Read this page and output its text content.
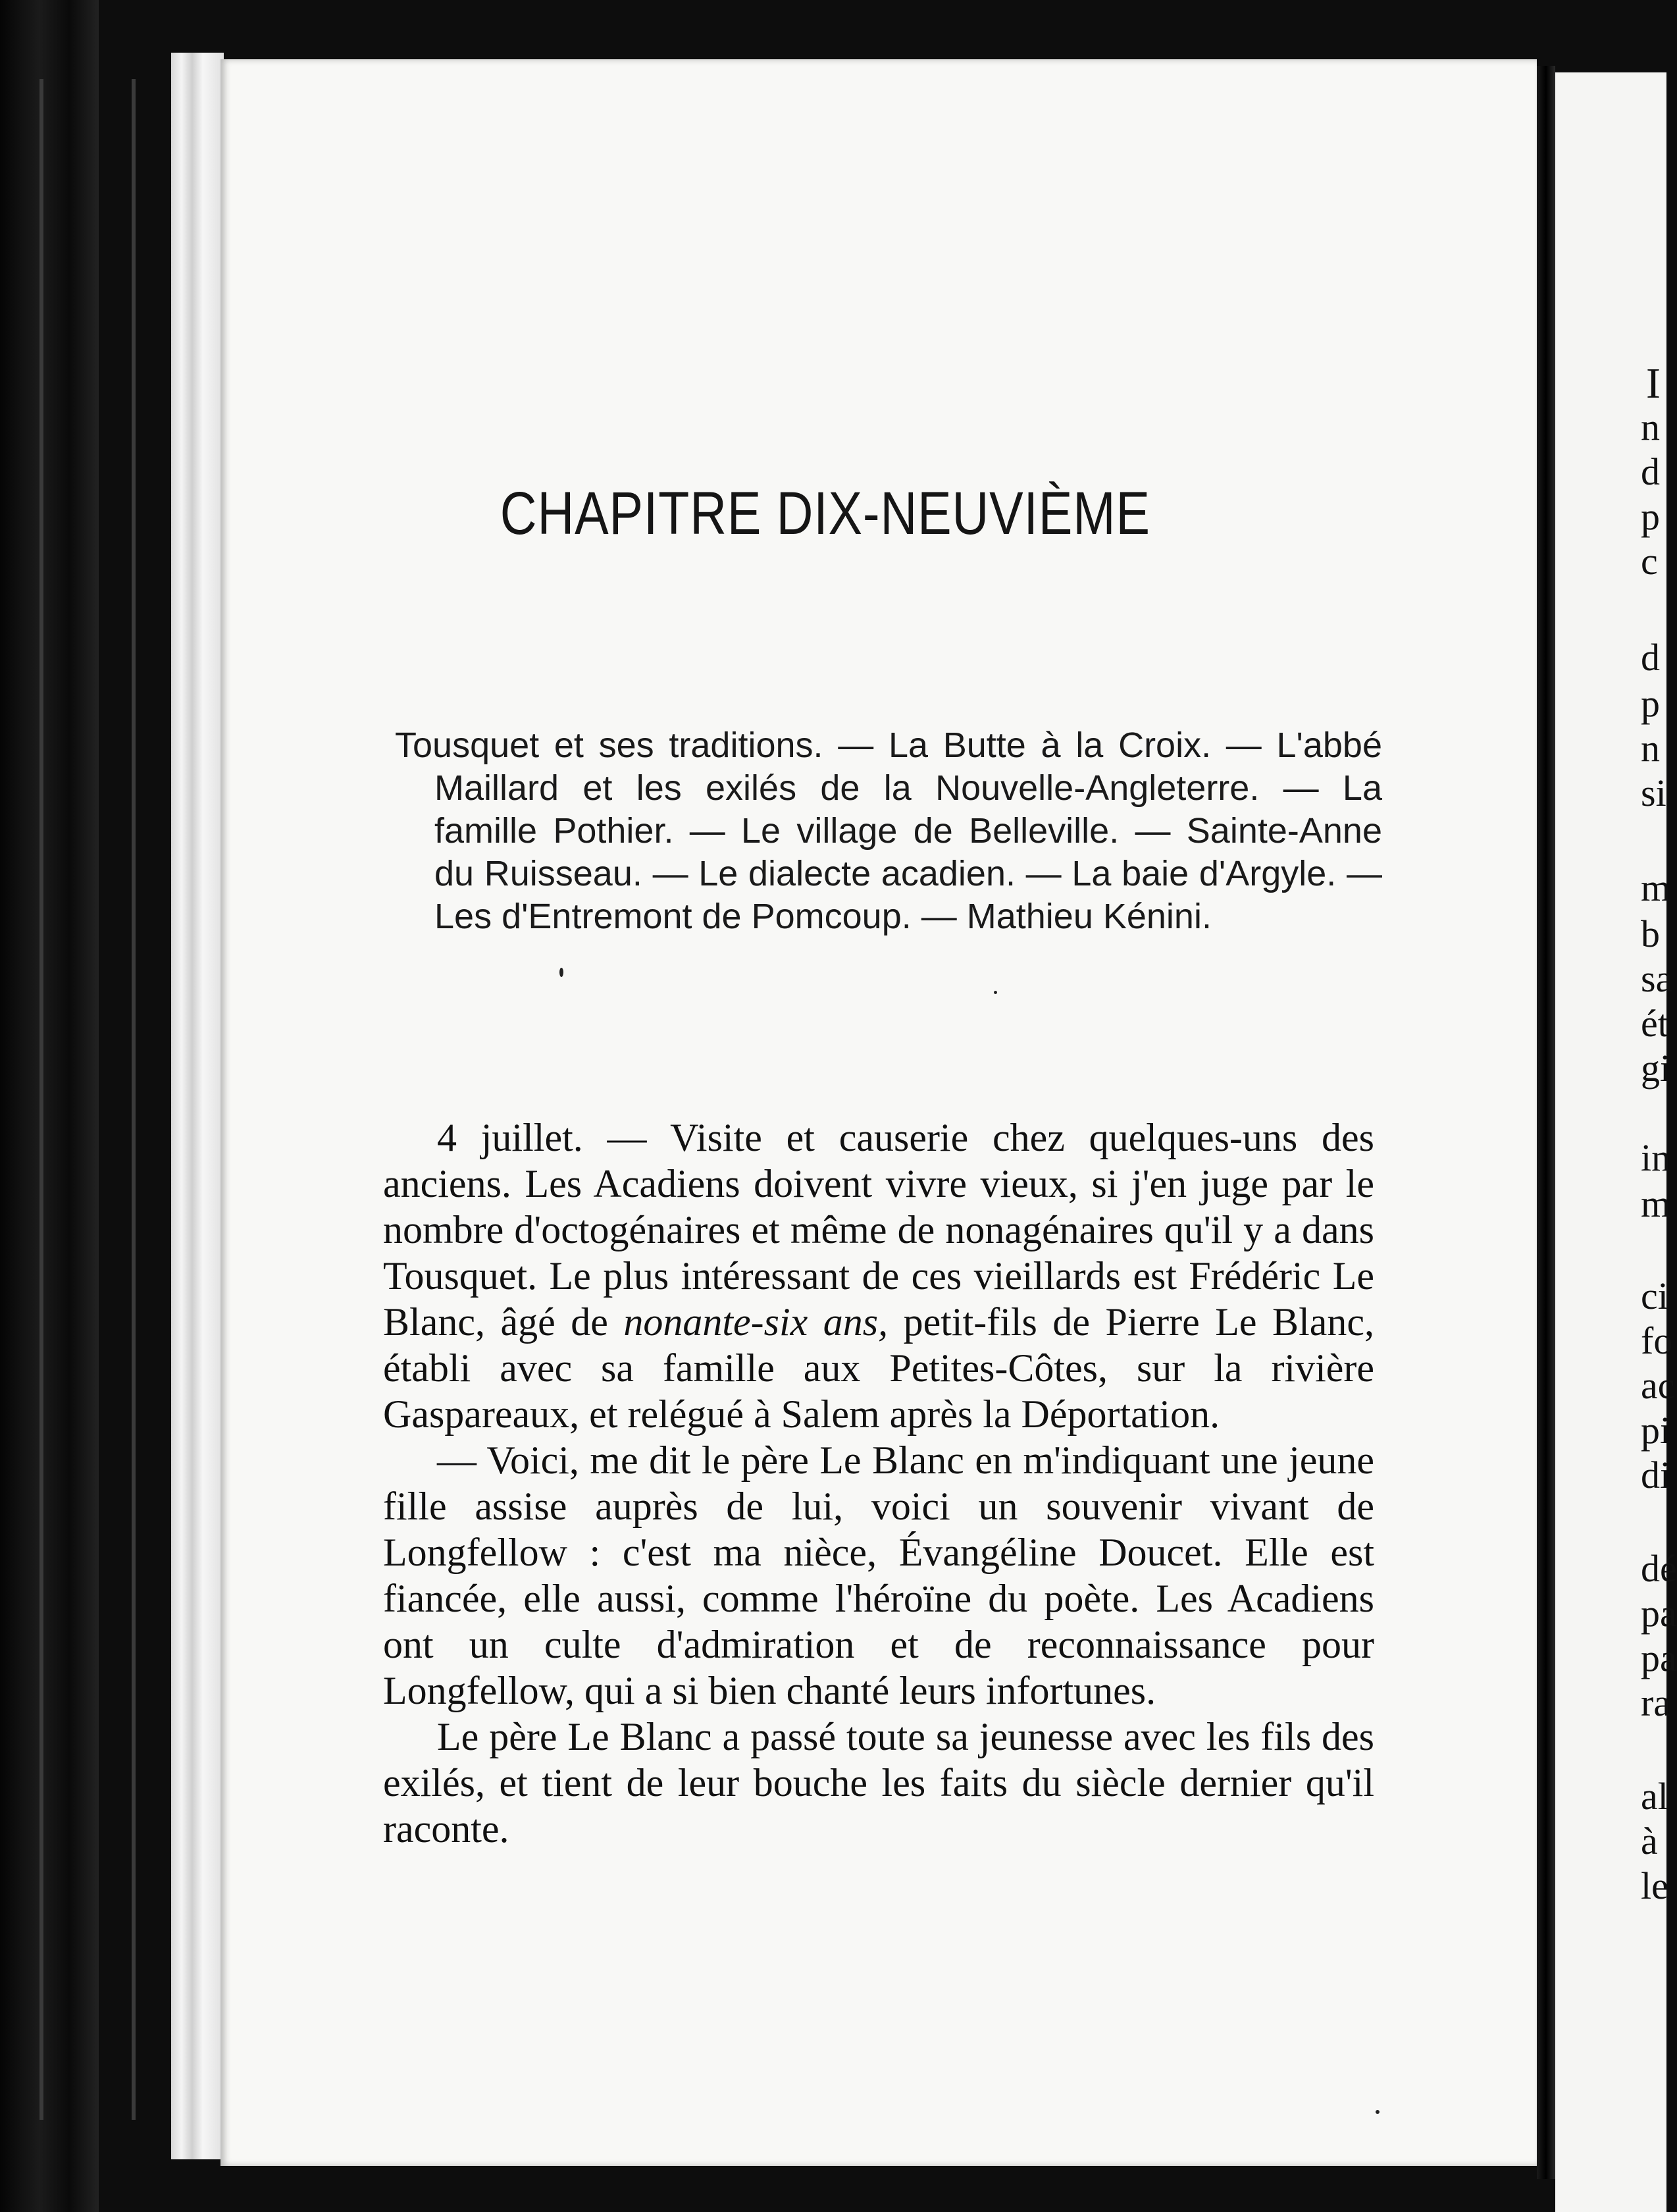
CHAPITRE DIX-NEUVIÈME

Tousquet et ses traditions. — La Butte à la Croix. — L'abbé Maillard et les exilés de la Nouvelle-Angleterre. — La famille Pothier. — Le village de Belleville. — Sainte-Anne du Ruisseau. — Le dialecte acadien. — La baie d'Argyle. — Les d'Entremont de Pomcoup. — Mathieu Kénini.

4 juillet. — Visite et causerie chez quelques-uns des anciens. Les Acadiens doivent vivre vieux, si j'en juge par le nombre d'octogénaires et même de nonagénaires qu'il y a dans Tousquet. Le plus intéressant de ces vieillards est Frédéric Le Blanc, âgé de nonante-six ans, petit-fils de Pierre Le Blanc, établi avec sa famille aux Petites-Côtes, sur la rivière Gaspareaux, et relégué à Salem après la Déportation.

— Voici, me dit le père Le Blanc en m'indiquant une jeune fille assise auprès de lui, voici un souvenir vivant de Longfellow : c'est ma nièce, Évangéline Doucet. Elle est fiancée, elle aussi, comme l'héroïne du poète. Les Acadiens ont un culte d'admiration et de reconnaissance pour Longfellow, qui a si bien chanté leurs infortunes.

Le père Le Blanc a passé toute sa jeunesse avec les fils des exilés, et tient de leur bouche les faits du siècle dernier qu'il raconte.

I
n
d
p
c
d
p
n
si
m
b
sa
ét
gi
in
m
ci
fo
ac
pi
di
dé
pa
pa
ra
al
à
le
